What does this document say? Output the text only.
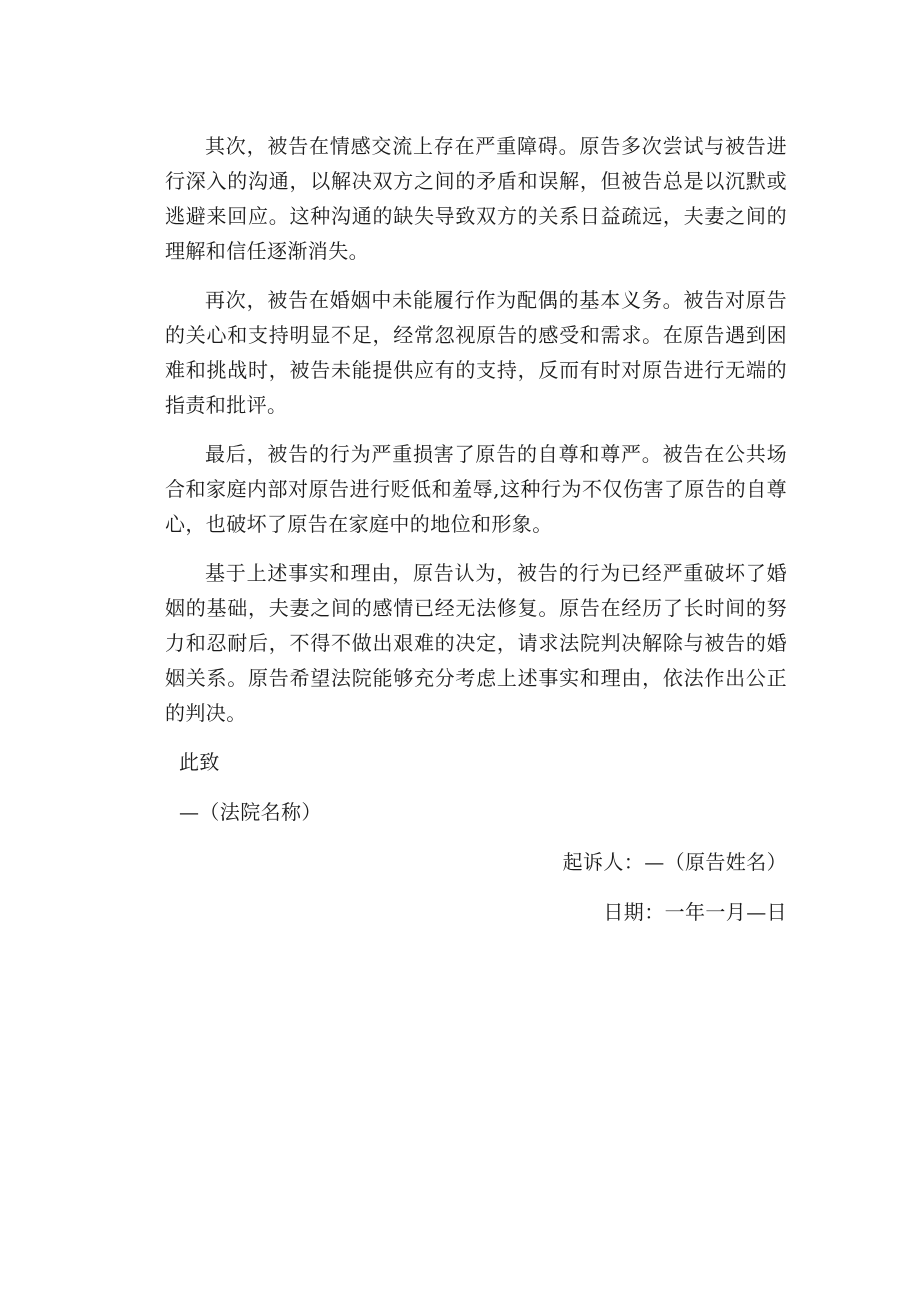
其次，被告在情感交流上存在严重障碍。原告多次尝试与被告进行深入的沟通，以解决双方之间的矛盾和误解，但被告总是以沉默或逃避来回应。这种沟通的缺失导致双方的关系日益疏远，夫妻之间的理解和信任逐渐消失。

再次，被告在婚姻中未能履行作为配偶的基本义务。被告对原告的关心和支持明显不足，经常忽视原告的感受和需求。在原告遇到困难和挑战时，被告未能提供应有的支持，反而有时对原告进行无端的指责和批评。

最后，被告的行为严重损害了原告的自尊和尊严。被告在公共场合和家庭内部对原告进行贬低和羞辱,这种行为不仅伤害了原告的自尊心，也破坏了原告在家庭中的地位和形象。

基于上述事实和理由，原告认为，被告的行为已经严重破坏了婚姻的基础，夫妻之间的感情已经无法修复。原告在经历了长时间的努力和忍耐后，不得不做出艰难的决定，请求法院判决解除与被告的婚姻关系。原告希望法院能够充分考虑上述事实和理由，依法作出公正的判决。

此致

—（法院名称）

起诉人：—（原告姓名）

日期：一年一月—日
